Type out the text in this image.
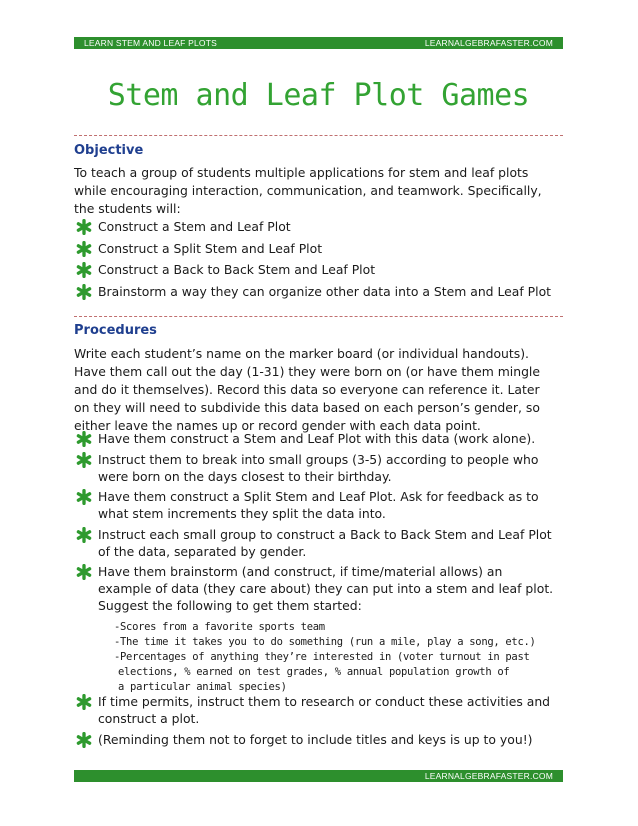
LEARN STEM AND LEAF PLOTS	LEARNALGEBRAFASTER.COM
Stem and Leaf Plot Games
Objective
To teach a group of students multiple applications for stem and leaf plots
while encouraging interaction, communication, and teamwork. Specifically,
the students will:
Construct a Stem and Leaf Plot
Construct a Split Stem and Leaf Plot
Construct a Back to Back Stem and Leaf Plot
Brainstorm a way they can organize other data into a Stem and Leaf Plot
Procedures
Write each student’s name on the marker board (or individual handouts).
Have them call out the day (1-31) they were born on (or have them mingle
and do it themselves). Record this data so everyone can reference it. Later
on they will need to subdivide this data based on each person’s gender, so
either leave the names up or record gender with each data point.
Have them construct a Stem and Leaf Plot with this data (work alone).
Instruct them to break into small groups (3-5) according to people who
were born on the days closest to their birthday.
Have them construct a Split Stem and Leaf Plot. Ask for feedback as to
what stem increments they split the data into.
Instruct each small group to construct a Back to Back Stem and Leaf Plot
of the data, separated by gender.
Have them brainstorm (and construct, if time/material allows) an
example of data (they care about) they can put into a stem and leaf plot.
Suggest the following to get them started:
-Scores from a favorite sports team
-The time it takes you to do something (run a mile, play a song, etc.)
-Percentages of anything they’re interested in (voter turnout in past
elections, % earned on test grades, % annual population growth of
a particular animal species)
If time permits, instruct them to research or conduct these activities and
construct a plot.
(Reminding them not to forget to include titles and keys is up to you!)
LEARNALGEBRAFASTER.COM
